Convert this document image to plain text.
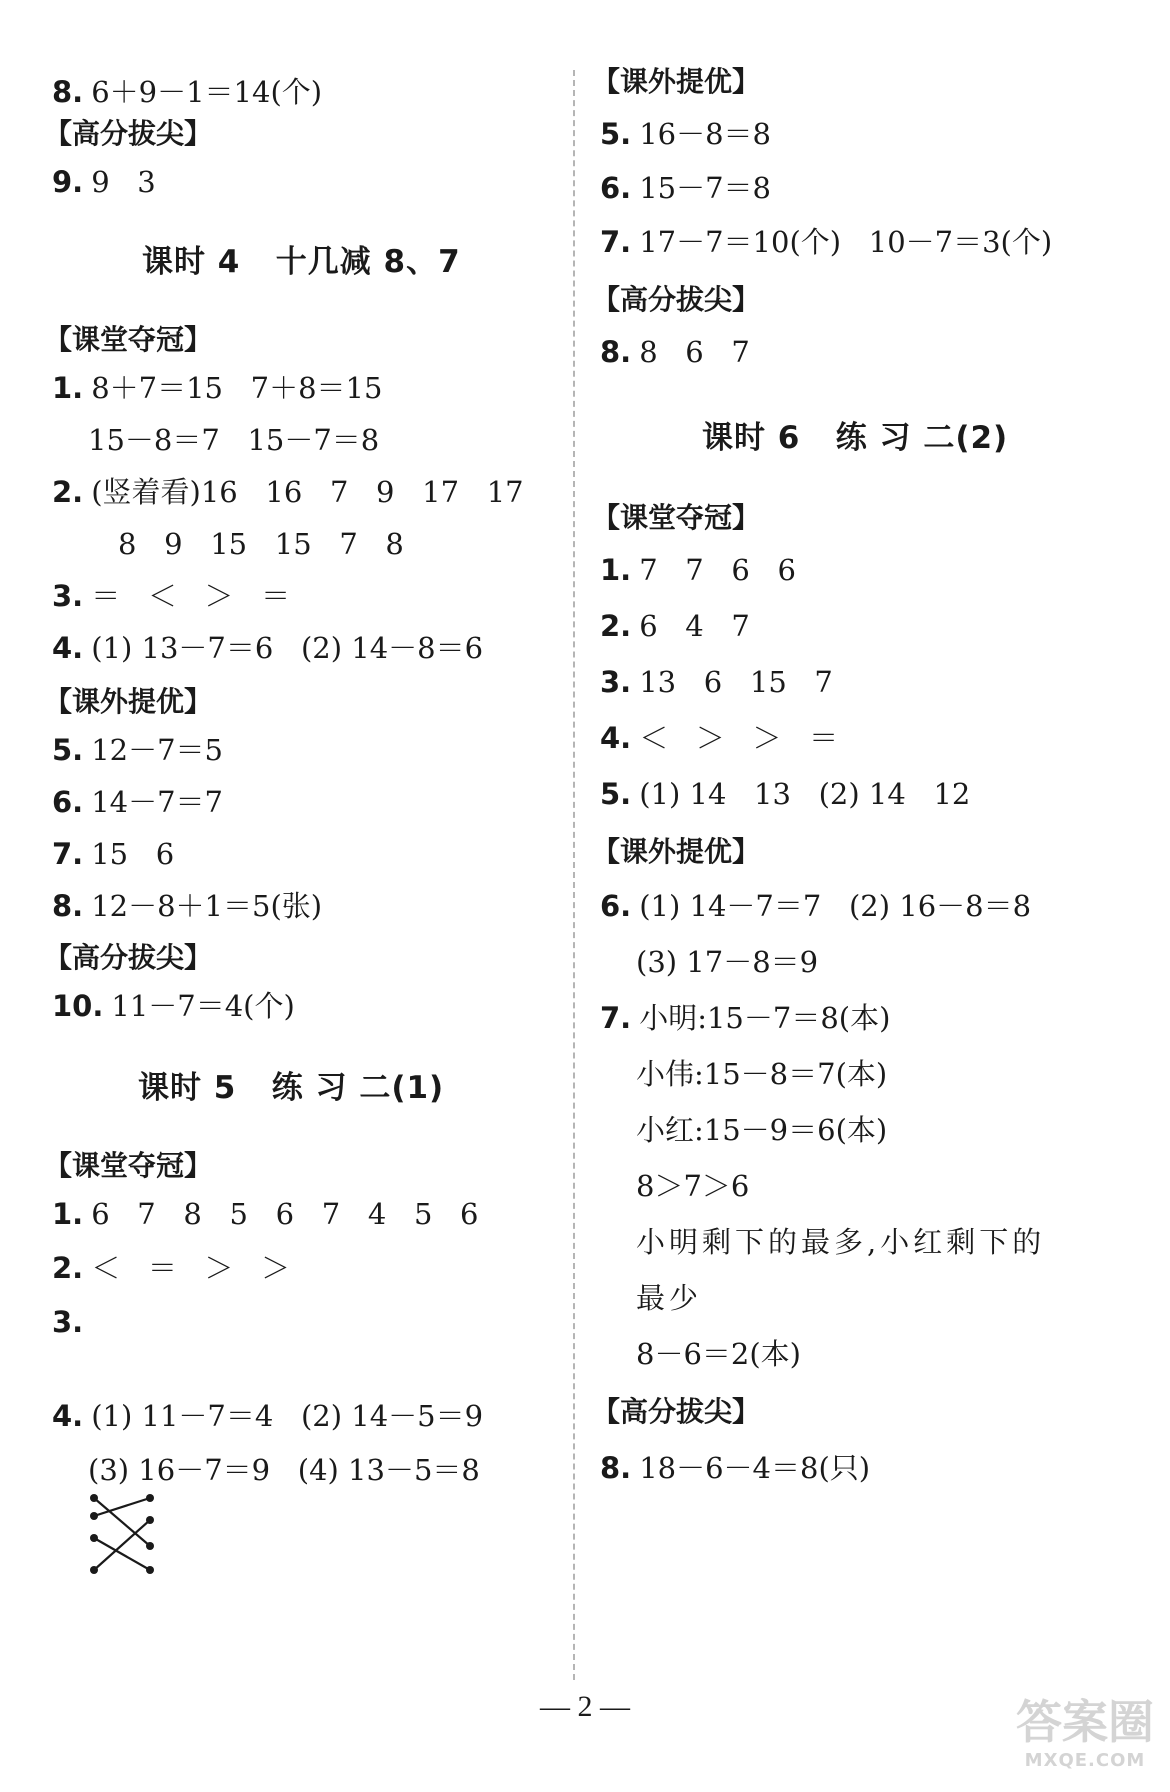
8. 6＋9－1＝14(个)
【高分拔尖】
9. 9   3
课时 4   十几减 8、7
【课堂夺冠】
1. 8＋7＝15   7＋8＝15
15－8＝7   15－7＝8
2. (竖着看)16   16   7   9   17   17
8   9   15   15   7   8
3. ＝   ＜   ＞   ＝
4. (1) 13－7＝6   (2) 14－8＝6
【课外提优】
5. 12－7＝5
6. 14－7＝7
7. 15   6
8. 12－8＋1＝5(张)
【高分拔尖】
10. 11－7＝4(个)
课时 5   练 习 二(1)
【课堂夺冠】
1. 6   7   8   5   6   7   4   5   6
2. ＜   ＝   ＞   ＞
3.
4. (1) 11－7＝4   (2) 14－5＝9
(3) 16－7＝9   (4) 13－5＝8
【课外提优】
5. 16－8＝8
6. 15－7＝8
7. 17－7＝10(个)   10－7＝3(个)
【高分拔尖】
8. 8   6   7
课时 6   练 习 二(2)
【课堂夺冠】
1. 7   7   6   6
2. 6   4   7
3. 13   6   15   7
4. ＜   ＞   ＞   ＝
5. (1) 14   13   (2) 14   12
【课外提优】
6. (1) 14－7＝7   (2) 16－8＝8
(3) 17－8＝9
7. 小明:15－7＝8(本)
小伟:15－8＝7(本)
小红:15－9＝6(本)
8＞7＞6
小明剩下的最多,小红剩下的
最少
8－6＝2(本)
【高分拔尖】
8. 18－6－4＝8(只)
— 2 —	答案圈
MXQE.COM
